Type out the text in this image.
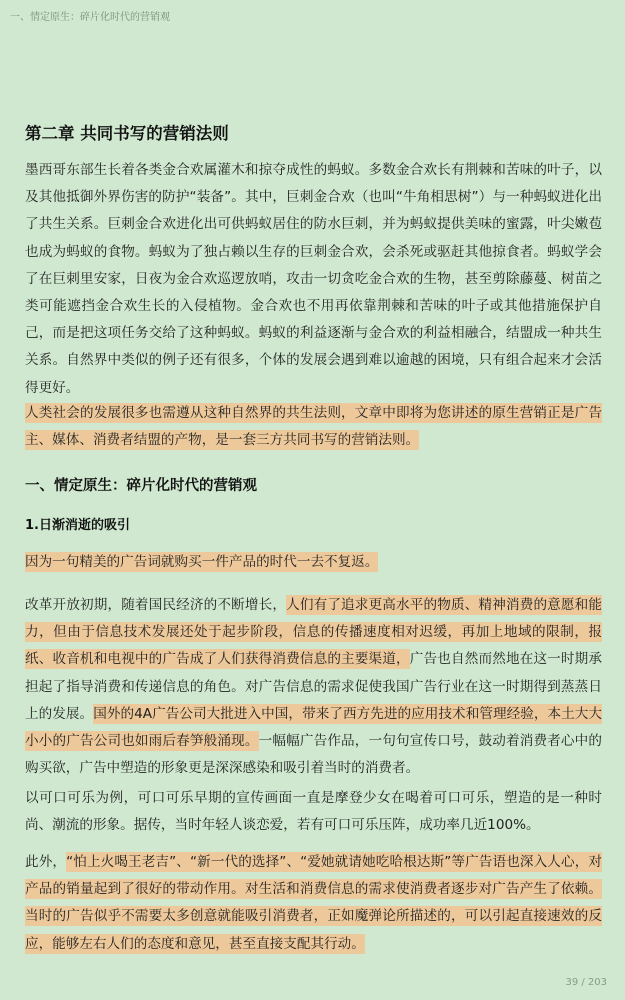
一、情定原生：碎片化时代的营销观
第二章 共同书写的营销法则
墨西哥东部生长着各类金合欢属灌木和掠夺成性的蚂蚁。多数金合欢长有荆棘和苦味的叶子，以及其他抵御外界伤害的防护“装备”。其中，巨刺金合欢（也叫“牛角相思树”）与一种蚂蚁进化出了共生关系。巨刺金合欢进化出可供蚂蚁居住的防水巨刺，并为蚂蚁提供美味的蜜露，叶尖嫩苞也成为蚂蚁的食物。蚂蚁为了独占赖以生存的巨刺金合欢，会杀死或驱赶其他掠食者。蚂蚁学会了在巨刺里安家，日夜为金合欢巡逻放哨，攻击一切贪吃金合欢的生物，甚至剪除藤蔓、树苗之类可能遮挡金合欢生长的入侵植物。金合欢也不用再依靠荆棘和苦味的叶子或其他措施保护自己，而是把这项任务交给了这种蚂蚁。蚂蚁的利益逐渐与金合欢的利益相融合，结盟成一种共生关系。自然界中类似的例子还有很多，个体的发展会遇到难以逾越的困境，只有组合起来才会活得更好。
人类社会的发展很多也需遵从这种自然界的共生法则，文章中即将为您讲述的原生营销正是广告主、媒体、消费者结盟的产物，是一套三方共同书写的营销法则。
一、情定原生：碎片化时代的营销观
1.日渐消逝的吸引
因为一句精美的广告词就购买一件产品的时代一去不复返。
改革开放初期，随着国民经济的不断增长，人们有了追求更高水平的物质、精神消费的意愿和能力，但由于信息技术发展还处于起步阶段，信息的传播速度相对迟缓，再加上地域的限制，报纸、收音机和电视中的广告成了人们获得消费信息的主要渠道，广告也自然而然地在这一时期承担起了指导消费和传递信息的角色。对广告信息的需求促使我国广告行业在这一时期得到蒸蒸日上的发展。国外的4A广告公司大批进入中国，带来了西方先进的应用技术和管理经验，本土大大小小的广告公司也如雨后春笋般涌现。一幅幅广告作品，一句句宣传口号，鼓动着消费者心中的购买欲，广告中塑造的形象更是深深感染和吸引着当时的消费者。
以可口可乐为例，可口可乐早期的宣传画面一直是摩登少女在喝着可口可乐，塑造的是一种时尚、潮流的形象。据传，当时年轻人谈恋爱，若有可口可乐压阵，成功率几近100%。
此外，“怕上火喝王老吉”、“新一代的选择”、“爱她就请她吃哈根达斯”等广告语也深入人心，对产品的销量起到了很好的带动作用。对生活和消费信息的需求使消费者逐步对广告产生了依赖。当时的广告似乎不需要太多创意就能吸引消费者，正如魔弹论所描述的，可以引起直接速效的反应，能够左右人们的态度和意见，甚至直接支配其行动。
39 / 203
